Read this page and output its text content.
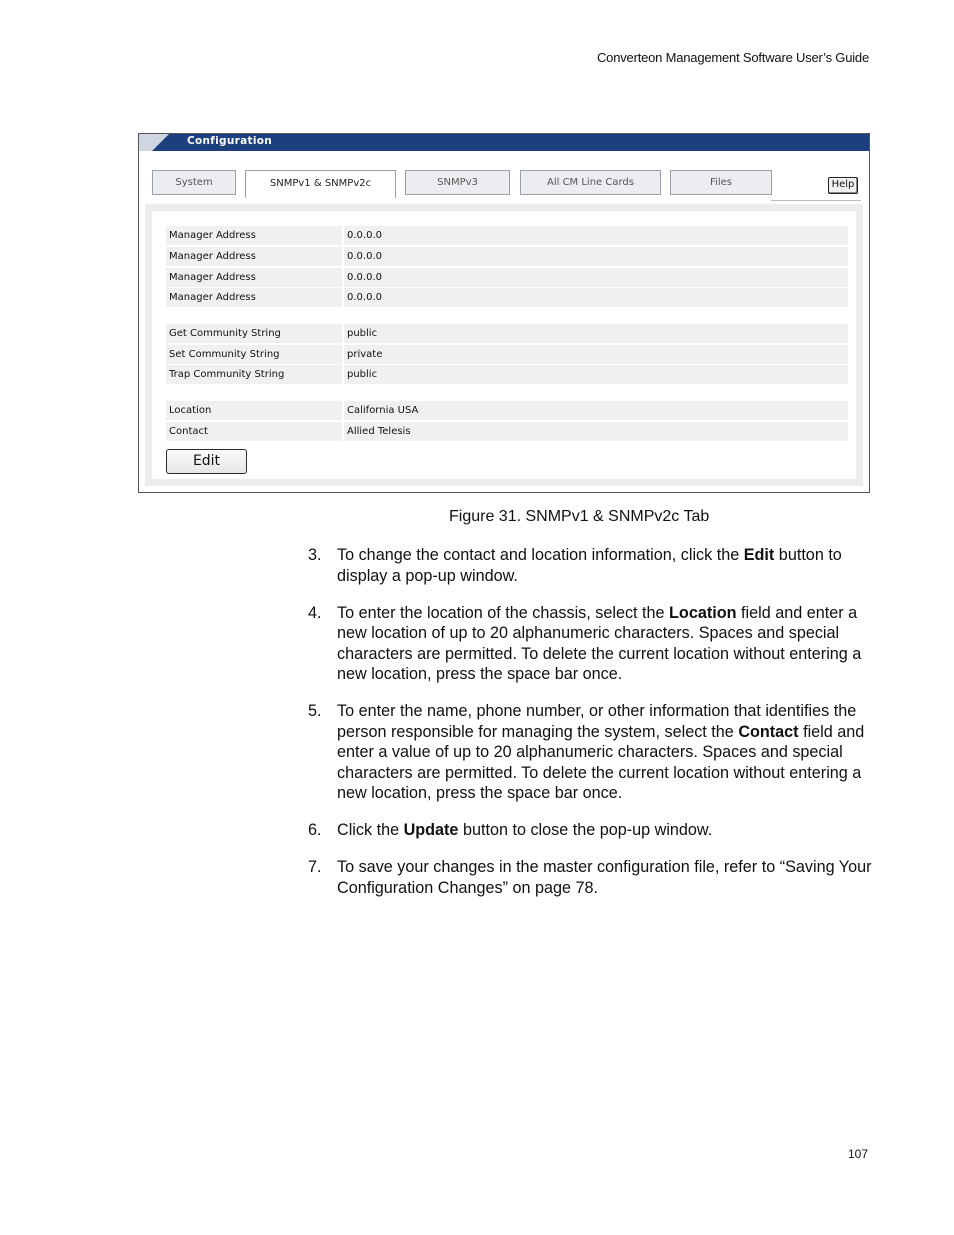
Converteon Management Software User’s Guide
Configuration
System	SNMPv1 & SNMPv2c	SNMPv3	All CM Line Cards	Files	Help
Manager Address	0.0.0.0
Manager Address	0.0.0.0
Manager Address	0.0.0.0
Manager Address	0.0.0.0
Get Community String	public
Set Community String	private
Trap Community String	public
Location	California USA
Contact	Allied Telesis
Edit
Figure 31. SNMPv1 & SNMPv2c Tab
3. To change the contact and location information, click the Edit button to display a pop-up window.
4. To enter the location of the chassis, select the Location field and enter a new location of up to 20 alphanumeric characters. Spaces and special characters are permitted. To delete the current location without entering a new location, press the space bar once.
5. To enter the name, phone number, or other information that identifies the person responsible for managing the system, select the Contact field and enter a value of up to 20 alphanumeric characters. Spaces and special characters are permitted. To delete the current location without entering a new location, press the space bar once.
6. Click the Update button to close the pop-up window.
7. To save your changes in the master configuration file, refer to “Saving Your Configuration Changes” on page 78.
107
